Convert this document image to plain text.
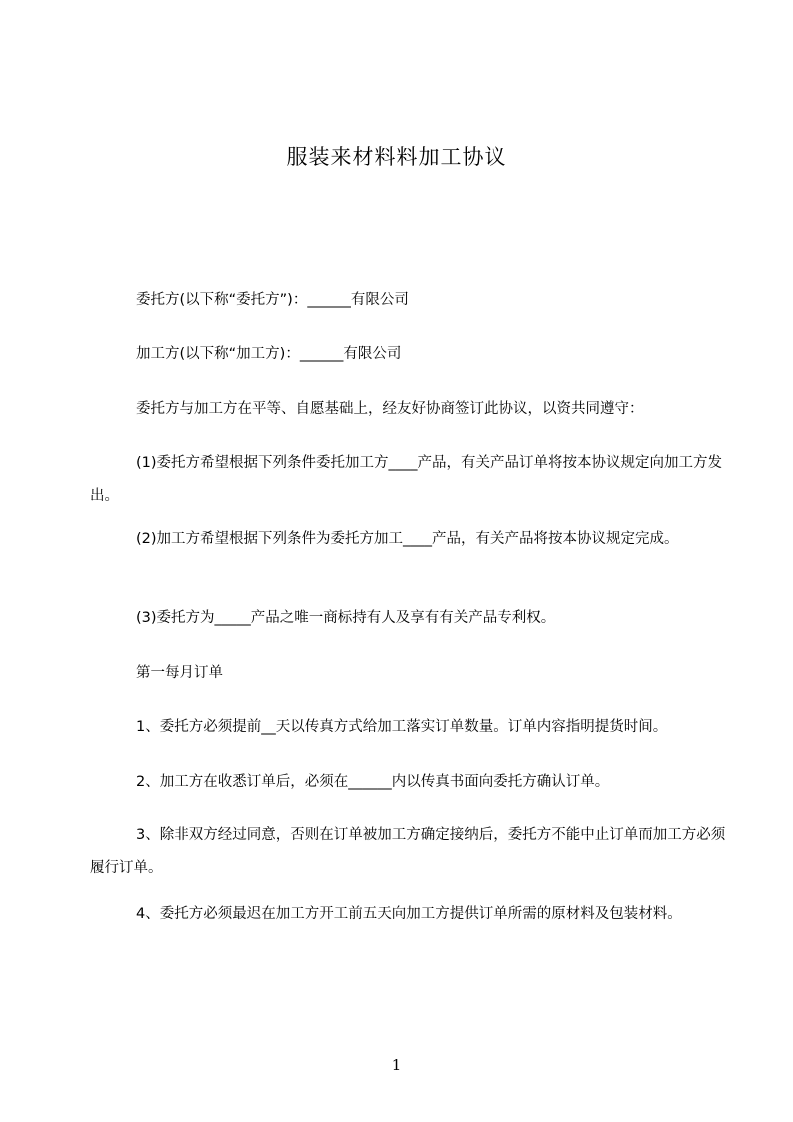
服装来材料料加工协议
委托方(以下称“委托方”)：______有限公司
加工方(以下称“加工方)：______有限公司
委托方与加工方在平等、自愿基础上，经友好协商签订此协议，以资共同遵守：
(1)委托方希望根据下列条件委托加工方____产品，有关产品订单将按本协议规定向加工方发出。
(2)加工方希望根据下列条件为委托方加工____产品，有关产品将按本协议规定完成。
(3)委托方为_____产品之唯一商标持有人及享有有关产品专利权。
第一每月订单
1、委托方必须提前__天以传真方式给加工落实订单数量。订单内容指明提货时间。
2、加工方在收悉订单后，必须在______内以传真书面向委托方确认订单。
3、除非双方经过同意，否则在订单被加工方确定接纳后，委托方不能中止订单而加工方必须履行订单。
4、委托方必须最迟在加工方开工前五天向加工方提供订单所需的原材料及包装材料。
1
